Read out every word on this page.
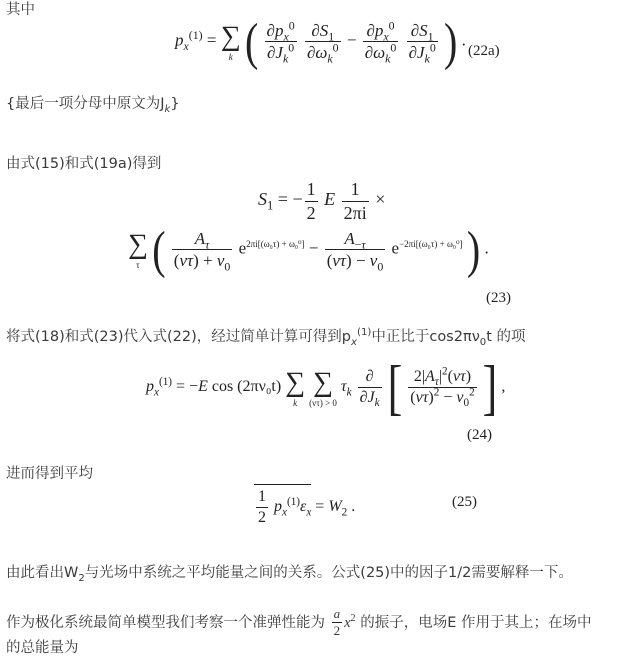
其中
$p_x^{(1)}$ = ∑
k ( $\frac{\partial p_x^0}{\partial J_k^0}$
$\frac{\partial S_1}{\partial\omega_k^0} - \frac{\partial p_x^0}{\partial\omega_k^0}$
$\frac{\partial S_1}{\partial J_k^0}$ ) .
(22a)
{最后一项分母中原文为$J_k$}
由式(15)和式(19a)得到
$S_1$ = − $\frac{1}{2}$ E $\frac{1}{2\pi i}$ ×
∑
τ ( $\frac{A_\tau}{(\nu\tau) + \nu_0} e^{2\pi i[(\omega_0\tau) + \omega_0^0]} - \frac{A_{-\tau}}{(\nu\tau) - \nu_0} e^{-2\pi i[(\omega_0\tau) + \omega_0^0]}$ ) .
(23)
将式(18)和式(23)代入式(22)，经过简单计算可得到$p_x^{(1)}$中正比于$\cos 2\pi\nu_0t$ 的项
$p_x^{(1)} = -E$ cos (2πν₀t) ∑
k
∑
(ντ) > 0
$\tau_k \frac{\partial}{\partial J_k}$ [ $\frac{2|A_\tau|^2(\nu\tau)}{(\nu\tau)^2 - \nu_0^2}$ ] ,
(24)
进而得到平均
$\frac{1}{2} p_x^{(1)}\varepsilon_x = W_2$ .	(25)
由此看出$W_2$与光场中系统之平均能量之间的关系。公式(25)中的因子1/2需要解释一下。
作为极化系统最简单模型我们考察一个准弹性能为 $\frac{a}{2} x^2$ 的振子，电场E 作用于其上；在场中
的总能量为
